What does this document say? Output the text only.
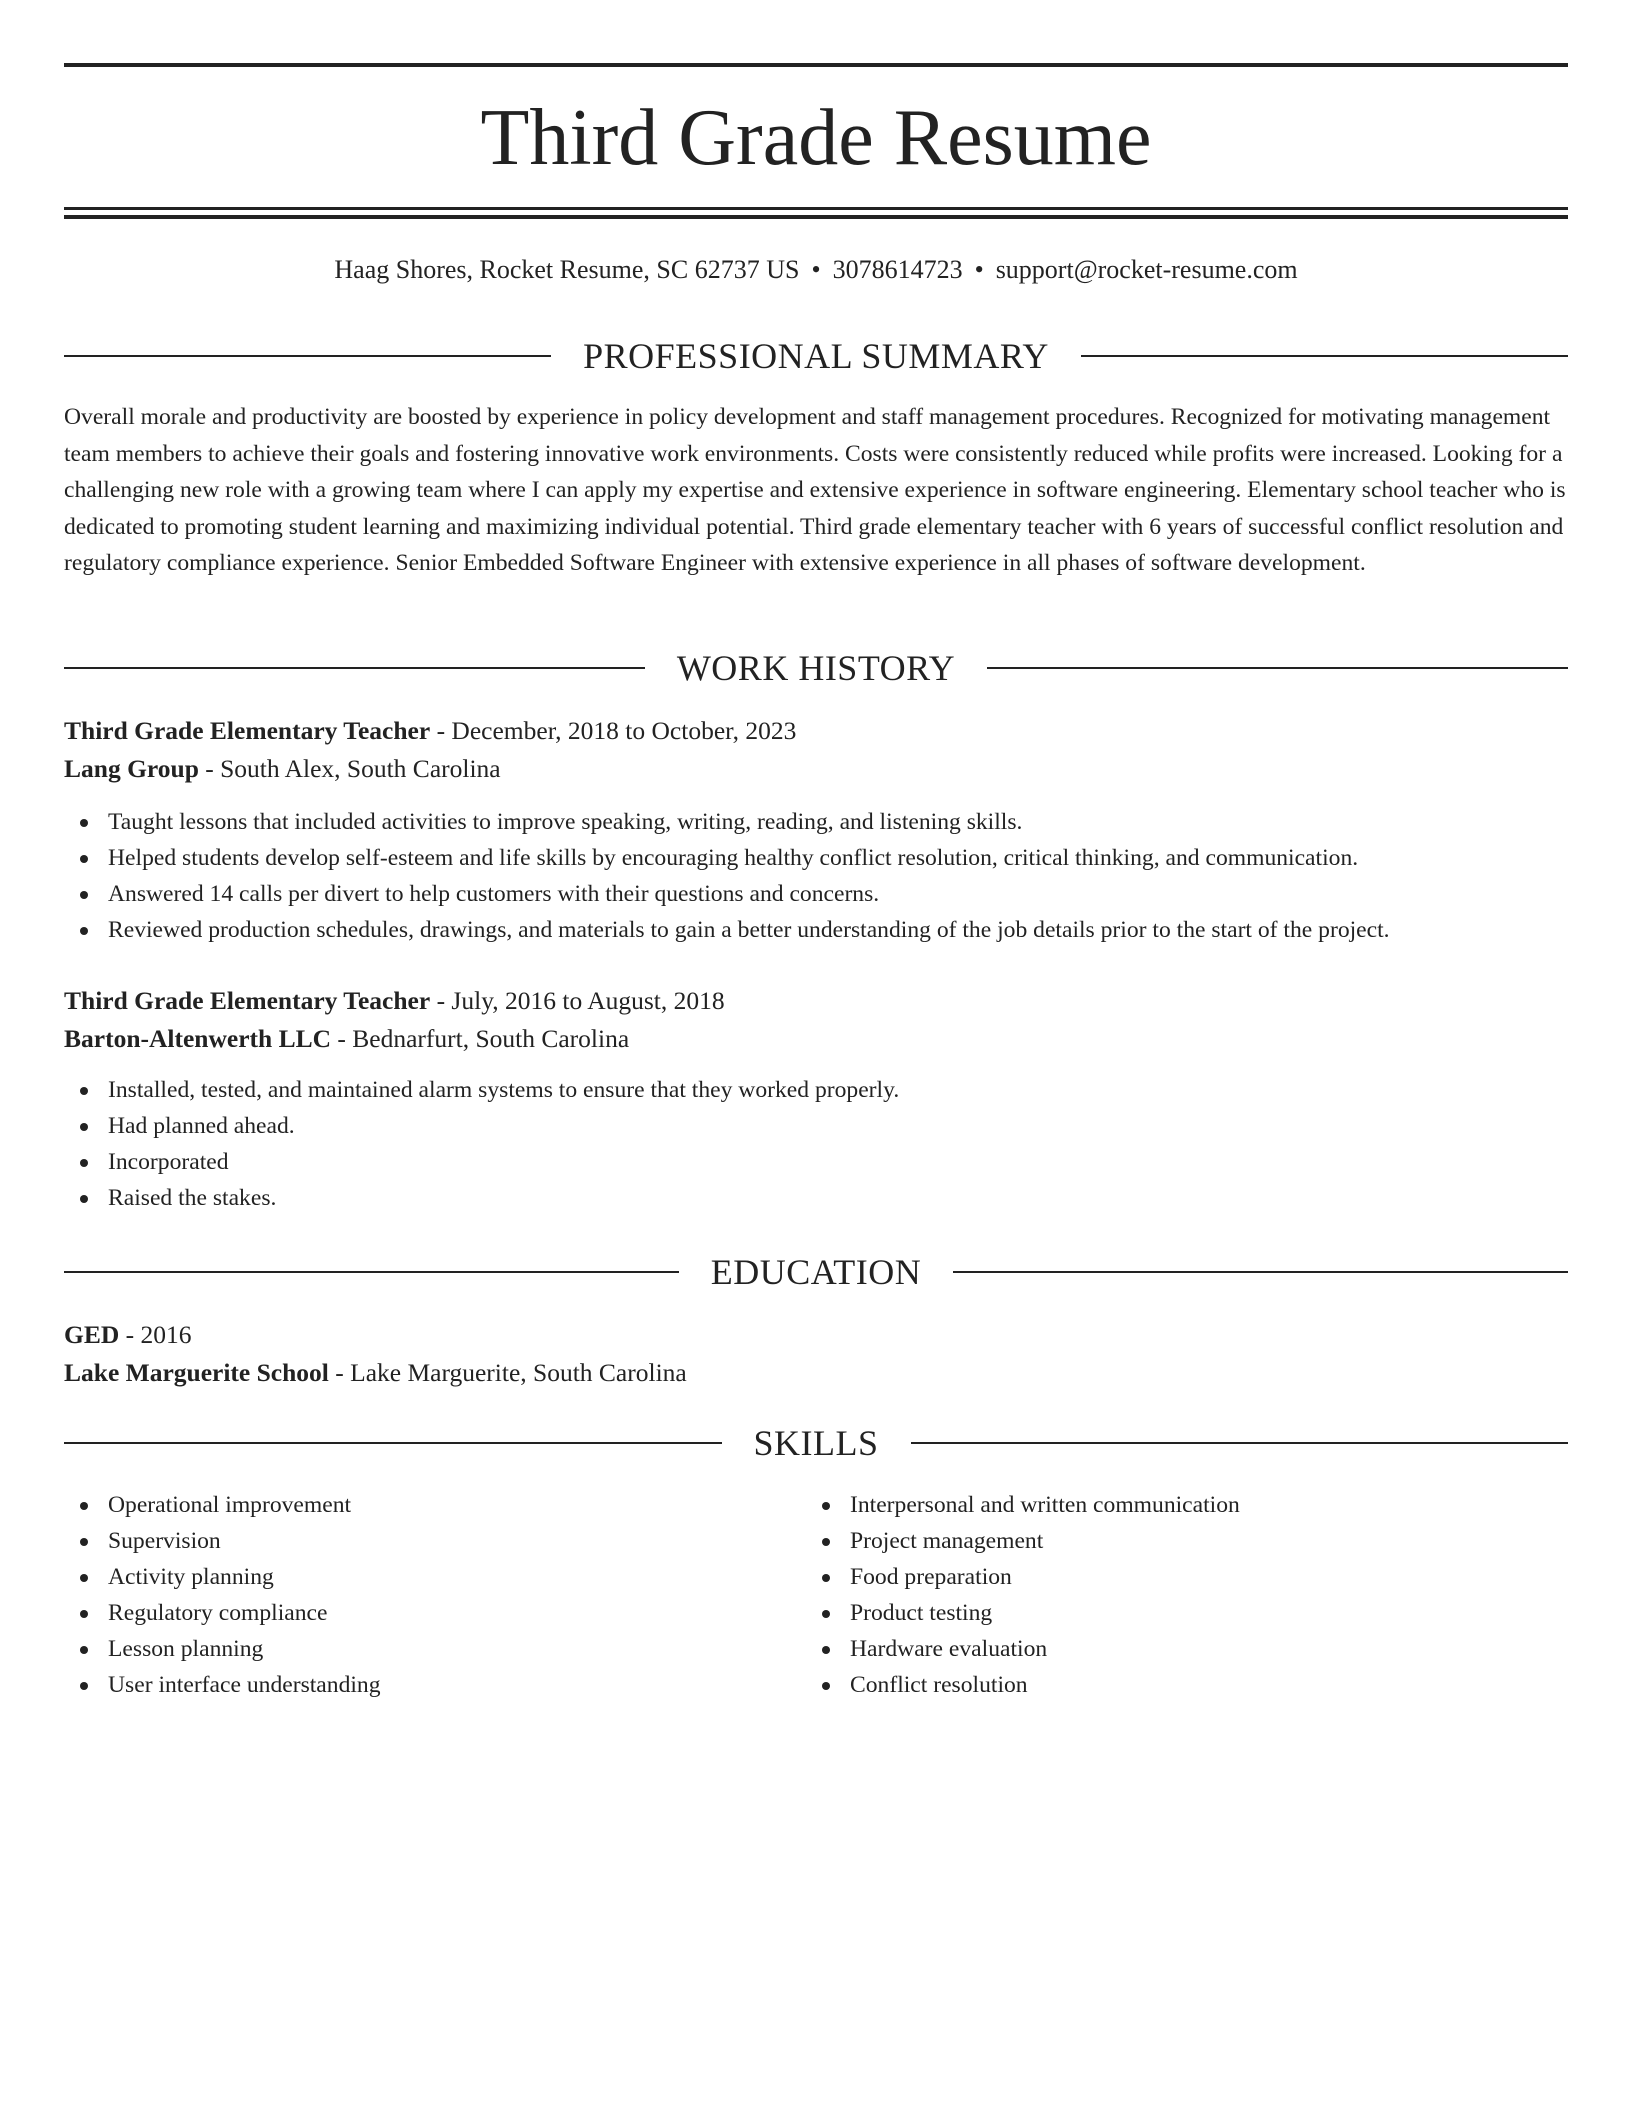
Third Grade Resume
Haag Shores, Rocket Resume, SC 62737 US • 3078614723 • support@rocket-resume.com
PROFESSIONAL SUMMARY

Overall morale and productivity are boosted by experience in policy development and staff management procedures. Recognized for motivating management team members to achieve their goals and fostering innovative work environments. Costs were consistently reduced while profits were increased. Looking for a challenging new role with a growing team where I can apply my expertise and extensive experience in software engineering. Elementary school teacher who is dedicated to promoting student learning and maximizing individual potential. Third grade elementary teacher with 6 years of successful conflict resolution and regulatory compliance experience. Senior Embedded Software Engineer with extensive experience in all phases of software development.

WORK HISTORY
Third Grade Elementary Teacher - December, 2018 to October, 2023
Lang Group - South Alex, South Carolina
Taught lessons that included activities to improve speaking, writing, reading, and listening skills.
Helped students develop self-esteem and life skills by encouraging healthy conflict resolution, critical thinking, and communication.
Answered 14 calls per divert to help customers with their questions and concerns.
Reviewed production schedules, drawings, and materials to gain a better understanding of the job details prior to the start of the project.
Third Grade Elementary Teacher - July, 2016 to August, 2018
Barton-Altenwerth LLC - Bednarfurt, South Carolina
Installed, tested, and maintained alarm systems to ensure that they worked properly.
Had planned ahead.
Incorporated
Raised the stakes.
EDUCATION
GED - 2016
Lake Marguerite School - Lake Marguerite, South Carolina
SKILLS
Operational improvement
Supervision
Activity planning
Regulatory compliance
Lesson planning
User interface understanding
Interpersonal and written communication
Project management
Food preparation
Product testing
Hardware evaluation
Conflict resolution
